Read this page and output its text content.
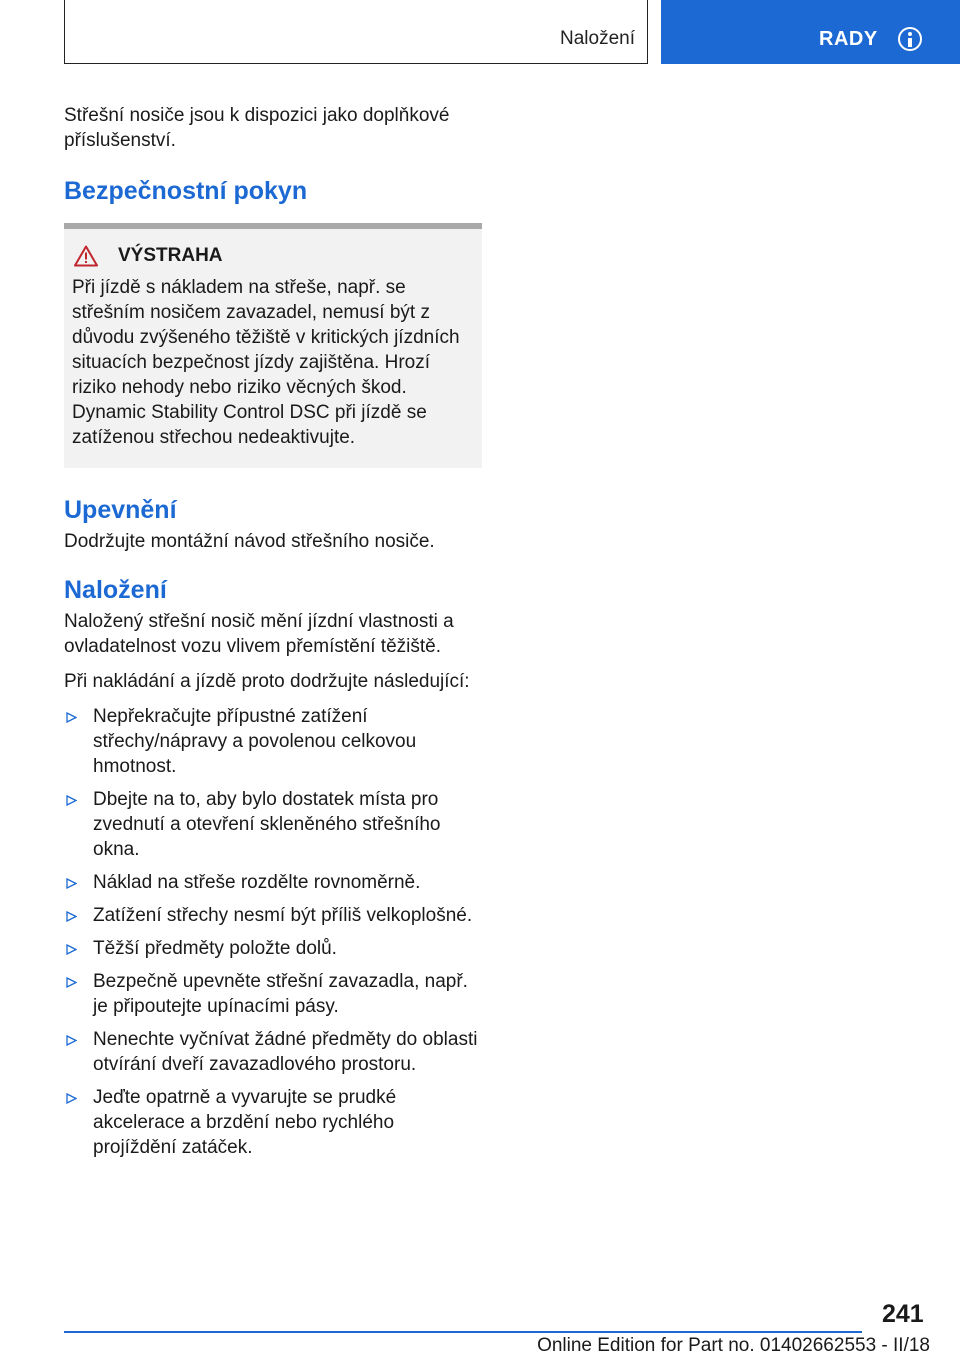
Naložení	RADY

Střešní nosiče jsou k dispozici jako doplňkové příslušenství.

Bezpečnostní pokyn
VÝSTRAHA
Při jízdě s nákladem na střeše, např. se střešním nosičem zavazadel, nemusí být z důvodu zvýšeného těžiště v kritických jízdních situacích bezpečnost jízdy zajištěna. Hrozí riziko nehody nebo riziko věcných škod. Dynamic Stability Control DSC při jízdě se zatíženou střechou nedeaktivujte.
Upevnění

Dodržujte montážní návod střešního nosiče.

Naložení

Naložený střešní nosič mění jízdní vlastnosti a ovladatelnost vozu vlivem přemístění těžiště.

Při nakládání a jízdě proto dodržujte následující:

Nepřekračujte přípustné zatížení střechy/nápravy a povolenou celkovou hmotnost.
Dbejte na to, aby bylo dostatek místa pro zvednutí a otevření skleněného střešního okna.
Náklad na střeše rozdělte rovnoměrně.
Zatížení střechy nesmí být příliš velkoplošné.
Těžší předměty položte dolů.
Bezpečně upevněte střešní zavazadla, např. je připoutejte upínacími pásy.
Nenechte vyčnívat žádné předměty do oblasti otvírání dveří zavazadlového prostoru.
Jeďte opatrně a vyvarujte se prudké akcelerace a brzdění nebo rychlého projíždění zatáček.
241
Online Edition for Part no. 01402662553 - II/18
